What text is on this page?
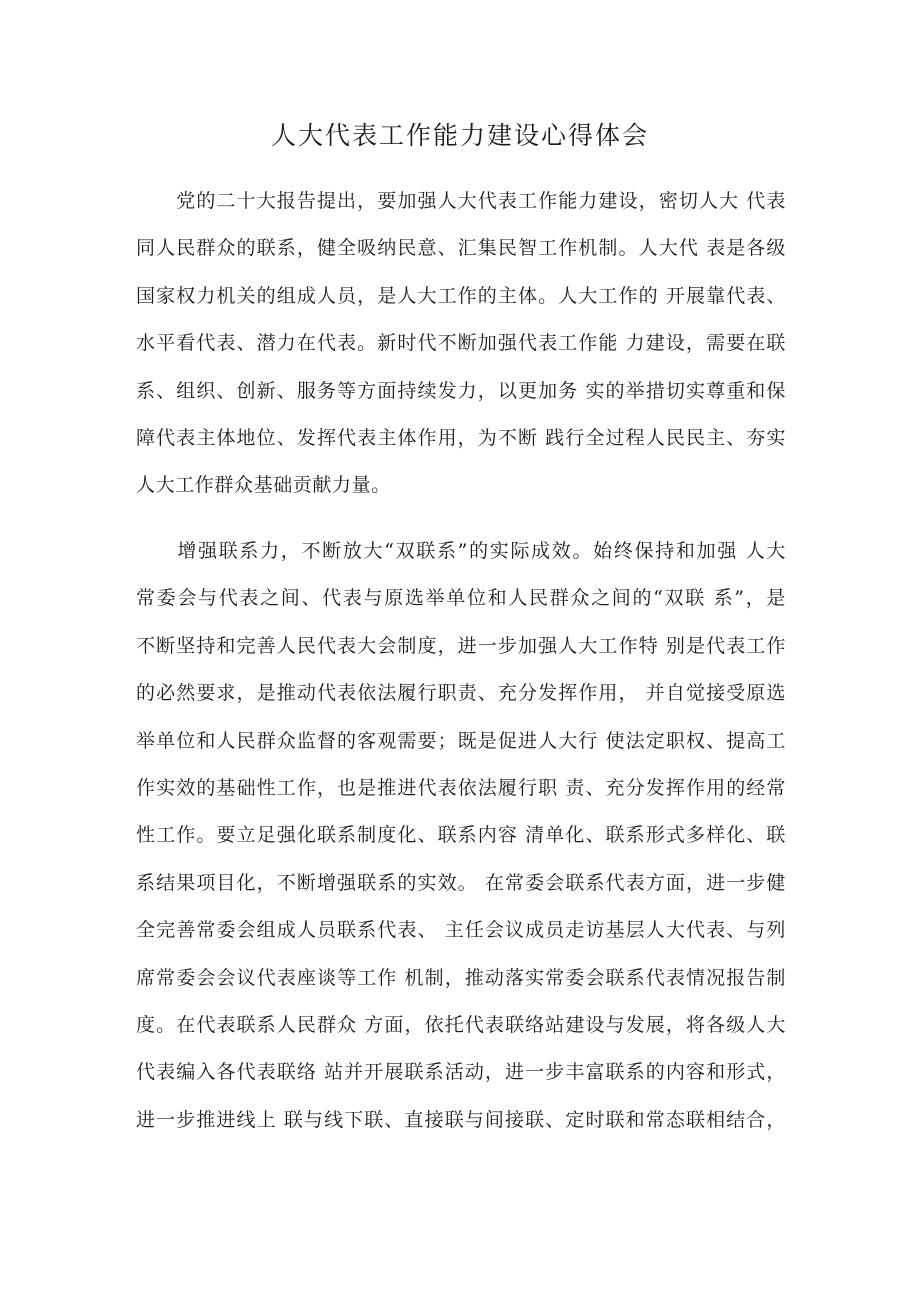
人大代表工作能力建设心得体会
　　党的二十大报告提出，要加强人大代表工作能力建设，密切人大 代表
同人民群众的联系，健全吸纳民意、汇集民智工作机制。人大代 表是各级
国家权力机关的组成人员，是人大工作的主体。人大工作的 开展靠代表、
水平看代表、潜力在代表。新时代不断加强代表工作能 力建设，需要在联
系、组织、创新、服务等方面持续发力，以更加务 实的举措切实尊重和保
障代表主体地位、发挥代表主体作用，为不断 践行全过程人民民主、夯实
人大工作群众基础贡献力量。
　　增强联系力，不断放大“双联系”的实际成效。始终保持和加强 人大
常委会与代表之间、代表与原选举单位和人民群众之间的“双联 系”，是
不断坚持和完善人民代表大会制度，进一步加强人大工作特 别是代表工作
的必然要求，是推动代表依法履行职责、充分发挥作用， 并自觉接受原选
举单位和人民群众监督的客观需要；既是促进人大行 使法定职权、提高工
作实效的基础性工作，也是推进代表依法履行职 责、充分发挥作用的经常
性工作。要立足强化联系制度化、联系内容 清单化、联系形式多样化、联
系结果项目化，不断增强联系的实效。 在常委会联系代表方面，进一步健
全完善常委会组成人员联系代表、 主任会议成员走访基层人大代表、与列
席常委会会议代表座谈等工作 机制，推动落实常委会联系代表情况报告制
度。在代表联系人民群众 方面，依托代表联络站建设与发展，将各级人大
代表编入各代表联络 站并开展联系活动，进一步丰富联系的内容和形式，
进一步推进线上 联与线下联、直接联与间接联、定时联和常态联相结合，
